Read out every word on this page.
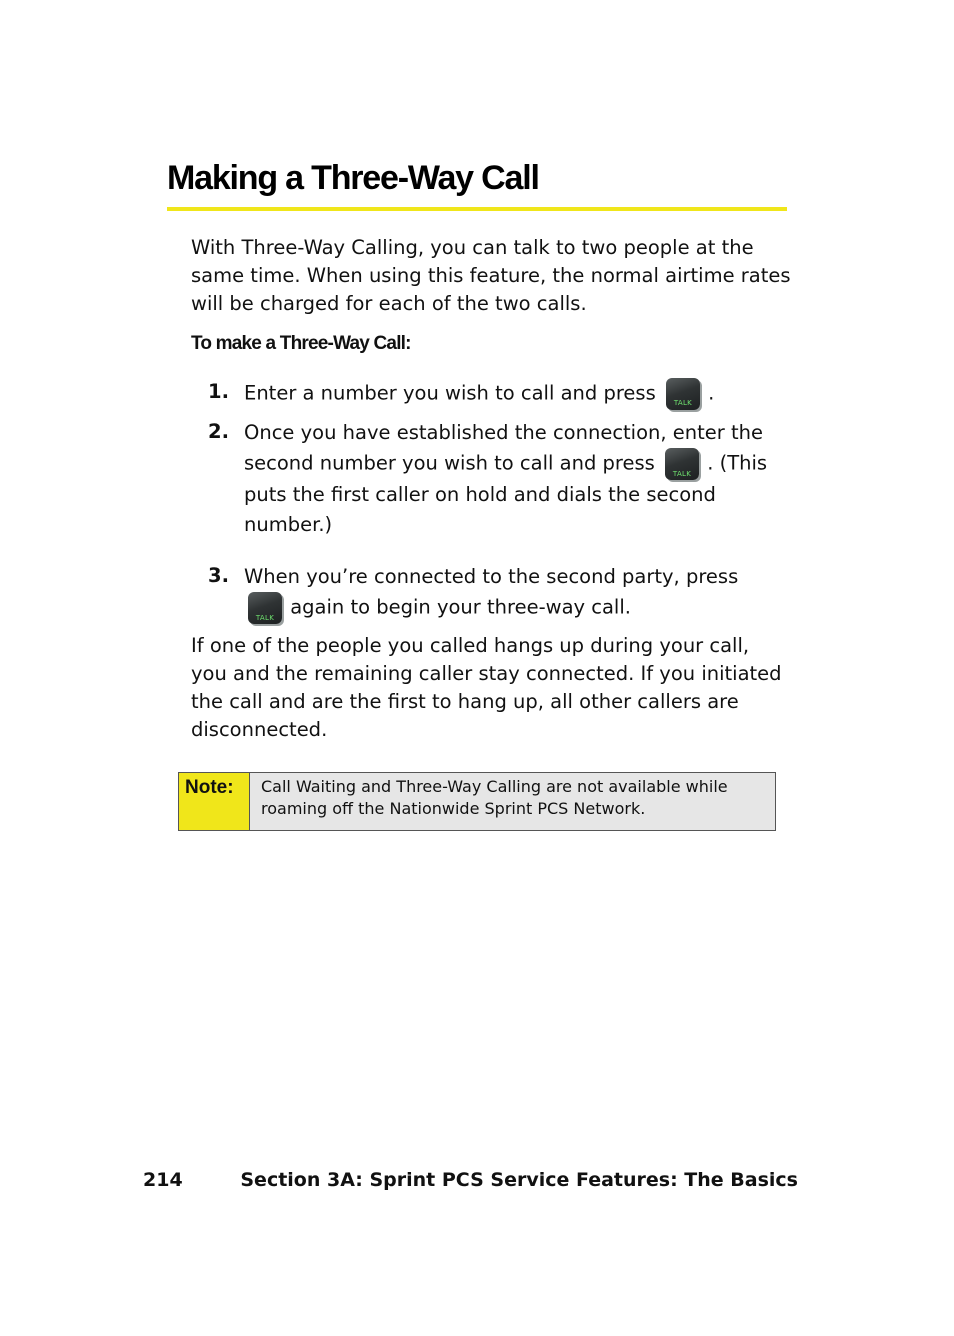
Making a Three-Way Call

With Three-Way Calling, you can talk to two people at the same time. When using this feature, the normal airtime rates will be charged for each of the two calls.

To make a Three-Way Call:

1. Enter a number you wish to call and press	TALK .
2. Once you have established the connection, enter the second number you wish to call and press	TALK . (This puts the first caller on hold and dials the second number.)
3. When you’re connected to the second party, press
TALK again to begin your three-way call.

If one of the people you called hangs up during your call, you and the remaining caller stay connected. If you initiated the call and are the first to hang up, all other callers are disconnected.

Note:	Call Waiting and Three-Way Calling are not available while roaming off the Nationwide Sprint PCS Network.
214	Section 3A: Sprint PCS Service Features: The Basics
